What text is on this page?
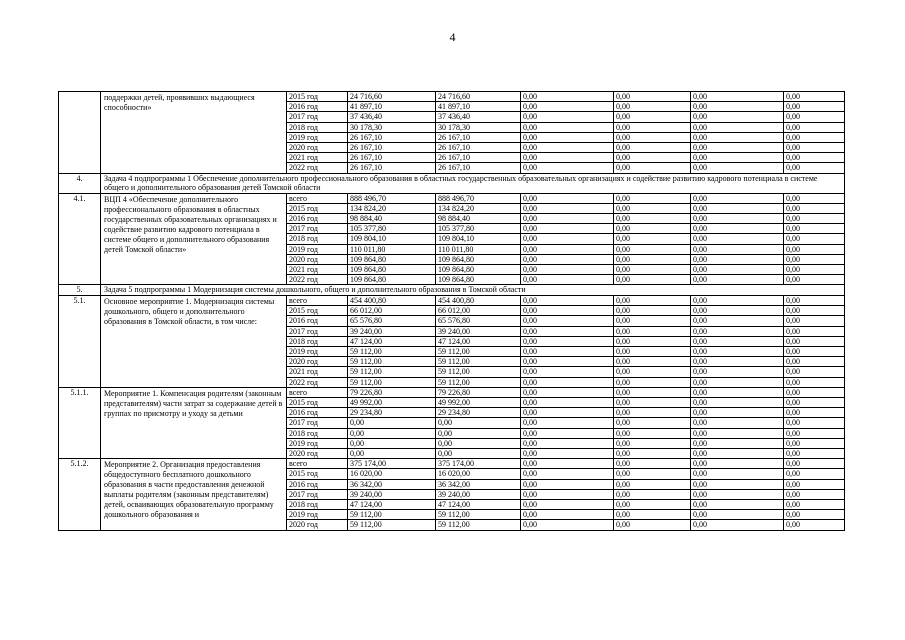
4
	поддержки детей, проявивших выдающиеся способности»	2015 год	24 716,60	24 716,60	0,00	0,00	0,00	0,00	
		2016 год	41 897,10	41 897,10	0,00	0,00	0,00	0,00	
		2017 год	37 436,40	37 436,40	0,00	0,00	0,00	0,00	
		2018 год	30 178,30	30 178,30	0,00	0,00	0,00	0,00	
		2019 год	26 167,10	26 167,10	0,00	0,00	0,00	0,00	
		2020 год	26 167,10	26 167,10	0,00	0,00	0,00	0,00	
		2021 год	26 167,10	26 167,10	0,00	0,00	0,00	0,00	
		2022 год	26 167,10	26 167,10	0,00	0,00	0,00	0,00	
4.	Задача 4 подпрограммы 1 Обеспечение дополнительного профессионального образования в областных государственных образовательных организациях и содействие развитию кадрового потенциала в системе общего и дополнительного образования детей Томской области								
4.1.	ВЦП 4 «Обеспечение дополнительного профессионального образования в областных государственных образовательных организациях и содействие развитию кадрового потенциала в системе общего и дополнительного образования детей Томской области»	всего	888 496,70	888 496,70	0,00	0,00	0,00	0,00	
		2015 год	134 824,20	134 824,20	0,00	0,00	0,00	0,00	
		2016 год	98 884,40	98 884,40	0,00	0,00	0,00	0,00	
		2017 год	105 377,80	105 377,80	0,00	0,00	0,00	0,00	
		2018 год	109 804,10	109 804,10	0,00	0,00	0,00	0,00	
		2019 год	110 011,80	110 011,80	0,00	0,00	0,00	0,00	
		2020 год	109 864,80	109 864,80	0,00	0,00	0,00	0,00	
		2021 год	109 864,80	109 864,80	0,00	0,00	0,00	0,00	
		2022 год	109 864,80	109 864,80	0,00	0,00	0,00	0,00	
5.	Задача 5 подпрограммы 1 Модернизация системы дошкольного, общего и дополнительного образования в Томской области								
5.1.	Основное мероприятие 1. Модернизация системы дошкольного, общего и дополнительного образования в Томской области, в том числе:	всего	454 400,80	454 400,80	0,00	0,00	0,00	0,00	
		2015 год	66 012,00	66 012,00	0,00	0,00	0,00	0,00	
		2016 год	65 576,80	65 576,80	0,00	0,00	0,00	0,00	
		2017 год	39 240,00	39 240,00	0,00	0,00	0,00	0,00	
		2018 год	47 124,00	47 124,00	0,00	0,00	0,00	0,00	
		2019 год	59 112,00	59 112,00	0,00	0,00	0,00	0,00	
		2020 год	59 112,00	59 112,00	0,00	0,00	0,00	0,00	
		2021 год	59 112,00	59 112,00	0,00	0,00	0,00	0,00	
		2022 год	59 112,00	59 112,00	0,00	0,00	0,00	0,00	
5.1.1.	Мероприятие 1. Компенсация родителям (законным представителям) части затрат за содержание детей в группах по присмотру и уходу за детьми	всего	79 226,80	79 226,80	0,00	0,00	0,00	0,00	
		2015 год	49 992,00	49 992,00	0,00	0,00	0,00	0,00	
		2016 год	29 234,80	29 234,80	0,00	0,00	0,00	0,00	
		2017 год	0,00	0,00	0,00	0,00	0,00	0,00	
		2018 год	0,00	0,00	0,00	0,00	0,00	0,00	
		2019 год	0,00	0,00	0,00	0,00	0,00	0,00	
		2020 год	0,00	0,00	0,00	0,00	0,00	0,00	
5.1.2.	Мероприятие 2. Организация предоставления общедоступного бесплатного дошкольного образования в части предоставления денежной выплаты родителям (законным представителям) детей, осваивающих образовательную программу дошкольного образования и	всего	375 174,00	375 174,00	0,00	0,00	0,00	0,00	
		2015 год	16 020,00	16 020,00	0,00	0,00	0,00	0,00	
		2016 год	36 342,00	36 342,00	0,00	0,00	0,00	0,00	
		2017 год	39 240,00	39 240,00	0,00	0,00	0,00	0,00	
		2018 год	47 124,00	47 124,00	0,00	0,00	0,00	0,00	
		2019 год	59 112,00	59 112,00	0,00	0,00	0,00	0,00	
		2020 год	59 112,00	59 112,00	0,00	0,00	0,00	0,00	
